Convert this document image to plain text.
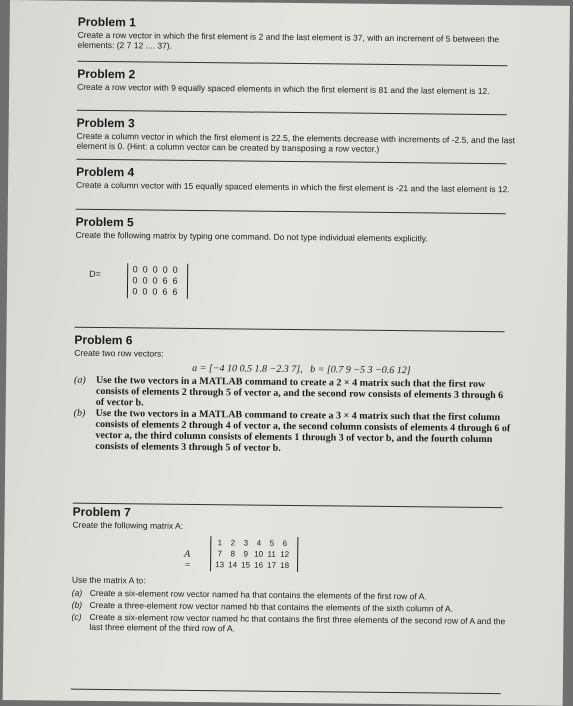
Problem 1

Create a row vector in which the first element is 2 and the last element is 37, with an increment of 5 between the elements: (2 7 12 .... 37).

Problem 2

Create a row vector with 9 equally spaced elements in which the first element is 81 and the last element is 12.

Problem 3

Create a column vector in which the first element is 22.5, the elements decrease with increments of -2.5, and the last element is 0. (Hint: a column vector can be created by transposing a row vector.)

Problem 4

Create a column vector with 15 equally spaced elements in which the first element is -21 and the last element is 12.

Problem 5

Create the following matrix by typing one command. Do not type individual elements explicitly.

D=	0 0 0 0 0
0 0 0 6 6
0 0 0 6 6

Problem 6

Create two row vectors:

a = [−4 10 0.5 1.8 −2.3 7], b = [0.7 9 −5 3 −0.6 12]

(a)	Use the two vectors in a MATLAB command to create a 2 × 4 matrix such that the first row consists of elements 2 through 5 of vector a, and the second row consists of elements 3 through 6 of vector b.

(b)	Use the two vectors in a MATLAB command to create a 3 × 4 matrix such that the first column consists of elements 2 through 4 of vector a, the second column consists of elements 4 through 6 of vector a, the third column consists of elements 1 through 3 of vector b, and the fourth column consists of elements 3 through 5 of vector b.

Problem 7

Create the following matrix A:

A =
1 2 3 4 5 6
7 8 9 10 11 12
13 14 15 16 17 18

Use the matrix A to:

(a) Create a six-element row vector named ha that contains the elements of the first row of A.

(b) Create a three-element row vector named hb that contains the elements of the sixth column of A.

(c) Create a six-element row vector named hc that contains the first three elements of the second row of A and the last three element of the third row of A.
